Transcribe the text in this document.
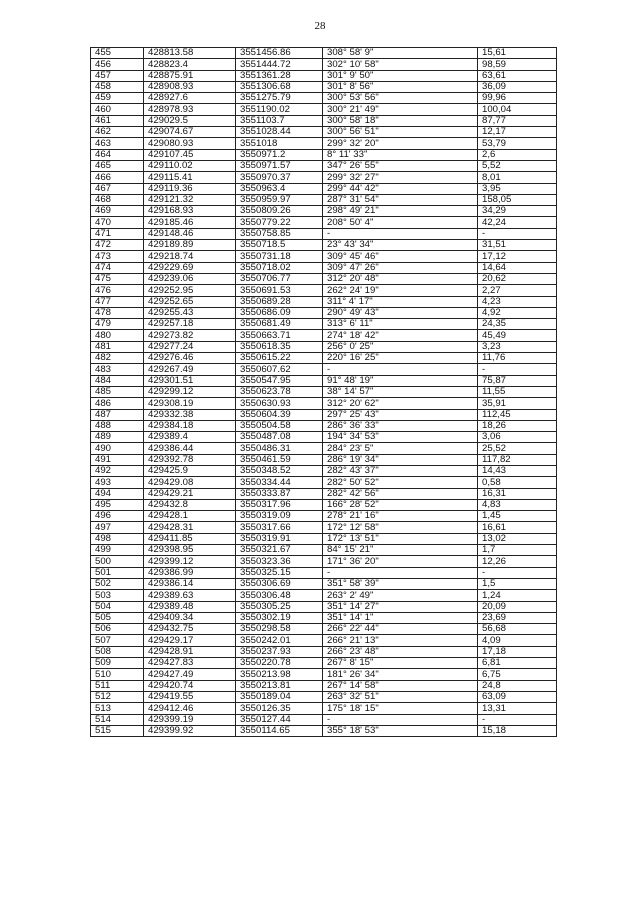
28
455	428813.58	3551456.86	308° 58' 9"	15,61
456	428823.4	3551444.72	302° 10' 58"	98,59
457	428875.91	3551361.28	301° 9' 50"	63,61
458	428908.93	3551306.68	301° 8' 56"	36,09
459	428927.6	3551275.79	300° 53' 56"	99,96
460	428978.93	3551190.02	300° 21' 49"	100,04
461	429029.5	3551103.7	300° 58' 18"	87,77
462	429074.67	3551028.44	300° 56' 51"	12,17
463	429080.93	3551018	299° 32' 20"	53,79
464	429107.45	3550971.2	8° 11' 33"	2,6
465	429110.02	3550971.57	347° 26' 55"	5,52
466	429115.41	3550970.37	299° 32' 27"	8,01
467	429119.36	3550963.4	299° 44' 42"	3,95
468	429121.32	3550959.97	287° 31' 54"	158,05
469	429168.93	3550809.26	298° 49' 21"	34,29
470	429185.46	3550779.22	208° 50' 4"	42,24
471	429148.46	3550758.85	-	-
472	429189.89	3550718.5	23° 43' 34"	31,51
473	429218.74	3550731.18	309° 45' 46"	17,12
474	429229.69	3550718.02	309° 47' 26"	14,64
475	429239.06	3550706.77	312° 20' 48"	20,62
476	429252.95	3550691.53	262° 24' 19"	2,27
477	429252.65	3550689.28	311° 4' 17"	4,23
478	429255.43	3550686.09	290° 49' 43"	4,92
479	429257.18	3550681.49	313° 6' 11"	24,35
480	429273.82	3550663.71	274° 18' 42"	45,49
481	429277.24	3550618.35	256° 0' 25"	3,23
482	429276.46	3550615.22	220° 16' 25"	11,76
483	429267.49	3550607.62	-	-
484	429301.51	3550547.95	91° 48' 19"	75,87
485	429299.12	3550623.78	38° 14' 57"	11,55
486	429308.19	3550630.93	312° 20' 62"	35,91
487	429332.38	3550604.39	297° 25' 43"	112,45
488	429384.18	3550504.58	286° 36' 33"	18,26
489	429389.4	3550487.08	194° 34' 53"	3,06
490	429386.44	3550486.31	284° 23' 5"	25,52
491	429392.78	3550461.59	286° 19' 34"	117,82
492	429425.9	3550348.52	282° 43' 37"	14,43
493	429429.08	3550334.44	282° 50' 52"	0,58
494	429429.21	3550333.87	282° 42' 56"	16,31
495	429432.8	3550317.96	166° 28' 52"	4,83
496	429428.1	3550319.09	278° 21' 16"	1,45
497	429428.31	3550317.66	172° 12' 58"	16,61
498	429411.85	3550319.91	172° 13' 51"	13,02
499	429398.95	3550321.67	84° 15' 21"	1,7
500	429399.12	3550323.36	171° 36' 20"	12,26
501	429386.99	3550325.15	-	-
502	429386.14	3550306.69	351° 58' 39"	1,5
503	429389.63	3550306.48	263° 2' 49"	1,24
504	429389.48	3550305.25	351° 14' 27"	20,09
505	429409.34	3550302.19	351° 14' 1"	23,69
506	429432.75	3550298.58	266° 22' 44"	56,68
507	429429.17	3550242.01	266° 21' 13"	4,09
508	429428.91	3550237.93	266° 23' 48"	17,18
509	429427.83	3550220.78	267° 8' 15"	6,81
510	429427.49	3550213.98	181° 26' 34"	6,75
511	429420.74	3550213.81	267° 14' 58"	24,8
512	429419.55	3550189.04	263° 32' 51"	63,09
513	429412.46	3550126.35	175° 18' 15"	13,31
514	429399.19	3550127.44	-	-
515	429399.92	3550114.65	355° 18' 53"	15,18
